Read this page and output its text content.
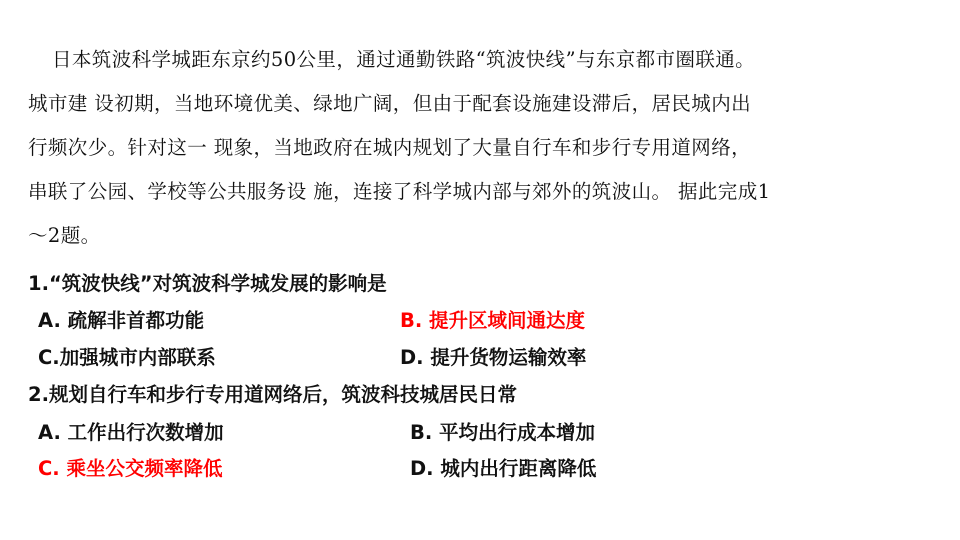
日本筑波科学城距东京约50公里，通过通勤铁路“筑波快线”与东京都市圈联通。
城市建 设初期，当地环境优美、绿地广阔，但由于配套设施建设滞后，居民城内出
行频次少。针对这一 现象，当地政府在城内规划了大量自行车和步行专用道网络，
串联了公园、学校等公共服务设 施，连接了科学城内部与郊外的筑波山。 据此完成1
～2题。
1.“筑波快线”对筑波科学城发展的影响是
A. 疏解非首都功能	B. 提升区域间通达度
C.加强城市内部联系	D. 提升货物运输效率
2.规划自行车和步行专用道网络后，筑波科技城居民日常
A. 工作出行次数增加	B. 平均出行成本增加
C. 乘坐公交频率降低	D. 城内出行距离降低
